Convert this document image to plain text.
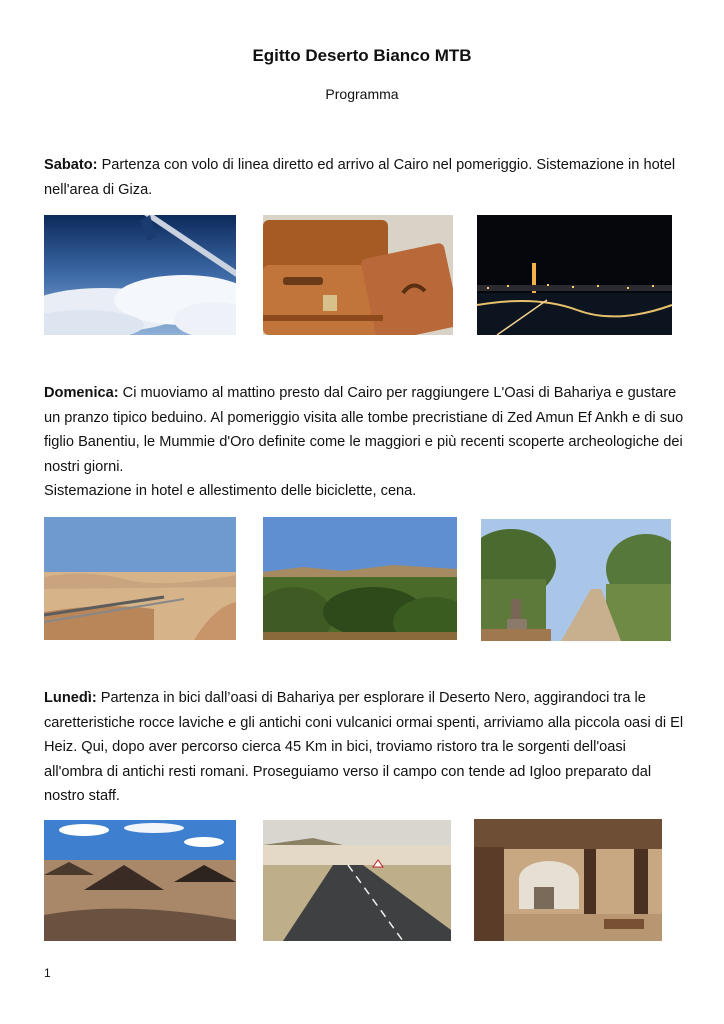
Egitto Deserto Bianco MTB
Programma
Sabato: Partenza con volo di linea diretto ed arrivo al Cairo nel pomeriggio. Sistemazione in hotel nell'area di Giza.
Domenica: Ci muoviamo al mattino presto dal Cairo per raggiungere L'Oasi di Bahariya e gustare un pranzo tipico beduino. Al pomeriggio visita alle tombe precristiane di Zed Amun Ef Ankh e di suo figlio Banentiu, le Mummie d'Oro definite come le maggiori e più recenti scoperte archeologiche dei nostri giorni.
Sistemazione in hotel e allestimento delle biciclette, cena.
Lunedì: Partenza in bici dall’oasi di Bahariya per esplorare il Deserto Nero, aggirandoci tra le caretteristiche rocce laviche e gli antichi coni vulcanici ormai spenti, arriviamo alla piccola oasi di El Heiz. Qui, dopo aver percorso cierca 45 Km in bici, troviamo ristoro tra le sorgenti dell'oasi all'ombra di antichi resti romani. Proseguiamo verso il campo con tende ad Igloo preparato dal nostro staff.
1
